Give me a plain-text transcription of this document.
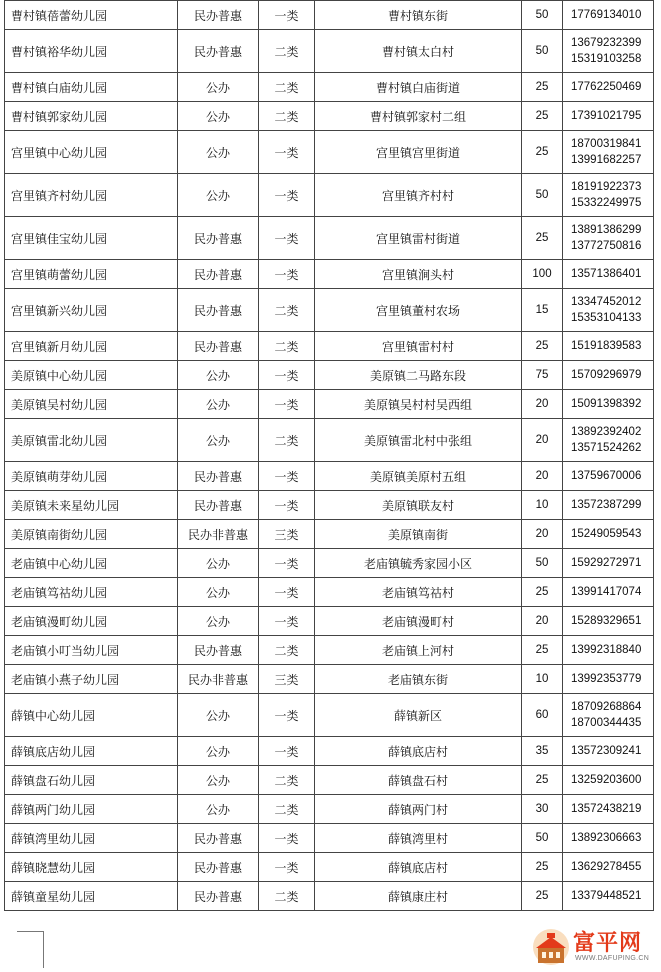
曹村镇蓓蕾幼儿园	民办普惠	一类	曹村镇东街	50	17769134010

曹村镇裕华幼儿园	民办普惠	二类	曹村镇太白村	50	13679232399
15319103258

曹村镇白庙幼儿园	公办	二类	曹村镇白庙街道	25	17762250469

曹村镇郭家幼儿园	公办	二类	曹村镇郭家村二组	25	17391021795

宫里镇中心幼儿园	公办	一类	宫里镇宫里街道	25	18700319841
13991682257

宫里镇齐村幼儿园	公办	一类	宫里镇齐村村	50	18191922373
15332249975

宫里镇佳宝幼儿园	民办普惠	一类	宫里镇雷村街道	25	13891386299
13772750816

宫里镇萌蕾幼儿园	民办普惠	一类	宫里镇涧头村	100	13571386401

宫里镇新兴幼儿园	民办普惠	二类	宫里镇董村农场	15	13347452012
15353104133

宫里镇新月幼儿园	民办普惠	二类	宫里镇雷村村	25	15191839583

美原镇中心幼儿园	公办	一类	美原镇二马路东段	75	15709296979

美原镇吴村幼儿园	公办	一类	美原镇吴村村吴西组	20	15091398392

美原镇雷北幼儿园	公办	二类	美原镇雷北村中张组	20	13892392402
13571524262

美原镇萌芽幼儿园	民办普惠	一类	美原镇美原村五组	20	13759670006

美原镇未来星幼儿园	民办普惠	一类	美原镇联友村	10	13572387299

美原镇南街幼儿园	民办非普惠	三类	美原镇南街	20	15249059543

老庙镇中心幼儿园	公办	一类	老庙镇毓秀家园小区	50	15929272971

老庙镇笃祜幼儿园	公办	一类	老庙镇笃祜村	25	13991417074

老庙镇漫町幼儿园	公办	一类	老庙镇漫町村	20	15289329651

老庙镇小叮当幼儿园	民办普惠	二类	老庙镇上河村	25	13992318840

老庙镇小燕子幼儿园	民办非普惠	三类	老庙镇东街	10	13992353779

薛镇中心幼儿园	公办	一类	薛镇新区	60	18709268864
18700344435

薛镇底店幼儿园	公办	一类	薛镇底店村	35	13572309241

薛镇盘石幼儿园	公办	二类	薛镇盘石村	25	13259203600

薛镇两门幼儿园	公办	二类	薛镇两门村	30	13572438219

薛镇湾里幼儿园	民办普惠	一类	薛镇湾里村	50	13892306663

薛镇晓慧幼儿园	民办普惠	一类	薛镇底店村	25	13629278455

薛镇童星幼儿园	民办普惠	二类	薛镇康庄村	25	13379448521
富平网
WWW.DAFUPING.CN
